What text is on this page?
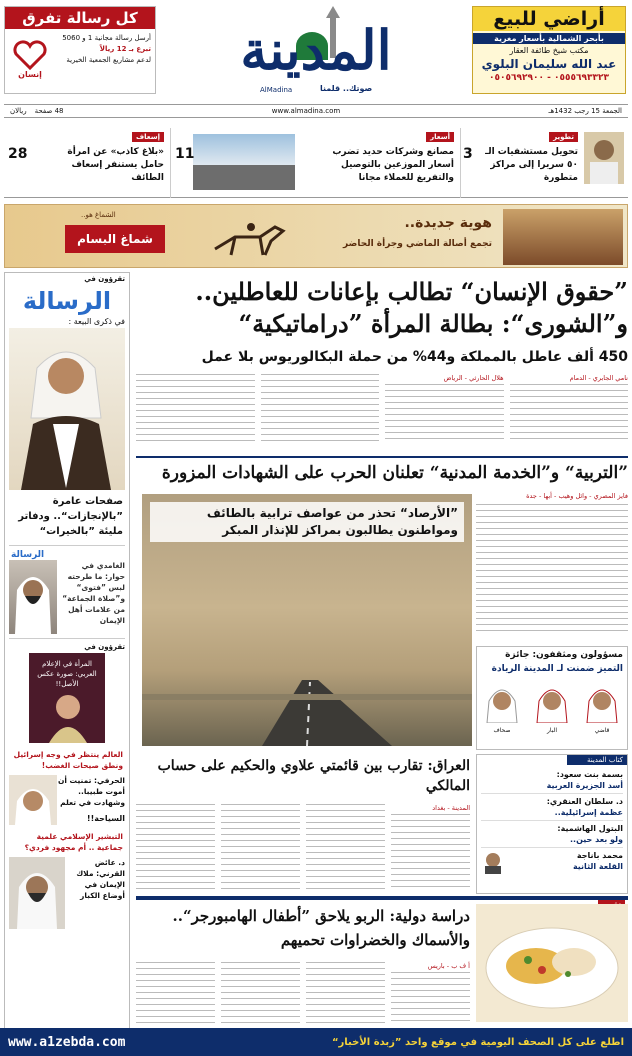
أراضي للبيع
بأبحر الشمالية بأسعار مغرية
مكتب شيخ طائفة العقار
عبد الله سليمان البلوي
٠٥٥٥٦٩٣٣٢٣ - ٠٥٠٥٦٩٢٩٠٠
المدينة
AlMadina	صوتك.. قلمنا
كل رسالة تفرق
إنسان
أرسل رسالة مجانية 1 و 5060
تبرع بـ 12 ريالاً
لدعم مشاريع الجمعية الخيرية
الجمعة 15 رجب 1432هـ
www.almadina.com
48 صفحة
ريالان
تطوير
تحويل مستشفيات الـ ٥٠ سريرا إلى مراكز متطورة
3
أسعار
مصانع وشركات حديد تضرب أسعار الموزعين بالتوصيل والتفريغ للعملاء مجانا
11
إسعاف
«بلاغ كاذب» عن امرأة حامل يستنفر إسعاف الطائف
28
هوية جديدة..
تجمع أصالة الماضي وجرأة الحاضر
الشماغ هو..
شماغ البسام
تقرؤون في
الرسالة
في ذكرى البيعة :
صفحات عامرة ”بالإنجازات“.. ودفاتر مليئة ”بالخيرات“
الرسالة
الغامدي في حوار: ما طرحته لبس ”فتوى“ و”صلاة الجماعة“ من علامات أهل الإيمان
تقرؤون في
المرأة في الإعلام العربي: صورة عكس الأصل!!
العالم ينتظر في وجه إسرائيل ونطق صيحات الغضب!
الحرفي: تمنيت أن أموت طبيبا.. وشهادت في تعلم
السياحة!!
التبشير الإسلامي علمية جماعية .. أم مجهود فردي؟
د. عائض القرني: ملاك الإيمان في أوضاع الكبار
”حقوق الإنسان“ تطالب بإعانات للعاطلين..
و”الشورى“: بطالة المرأة ”دراماتيكية“
450 ألف عاطل بالمملكة و44% من حملة البكالوريوس بلا عمل
نامي الجابري - الدمام
هلال الحارثي - الرياض
”التربية“ و”الخدمة المدنية“ تعلنان الحرب على الشهادات المزورة
فايز المصري - وائل وهيب - أبها - جدة
”الأرصاد“ تحذر من عواصف ترابية بالطائف
ومواطنون يطالبون بمراكز للإنذار المبكر
مسؤولون ومثقفون: جائزة
التميز ضمنت لـ المدينة الريادة
قاضي
البار
صحاف
العراق: تقارب بين قائمتي علاوي والحكيم على حساب المالكي
المدينة - بغداد
كتاب المدينة
بسمة بنت سعود:
أسد الجزيرة العربية
د. سلطان العنقري:
عظمة إسرائيلية..
البتول الهاشمية:
ولو بعد حين..
محمد باناجة
القلعة الثانية
دراسة دولية: الربو يلاحق ”أطفال الهامبورجر“..
والأسماك والخضراوات تحميهم
أ ف ب - باريس
اطلع على كل الصحف اليومية في موقع واحد ”زبدة الأخبار“
www.a1zebda.com
